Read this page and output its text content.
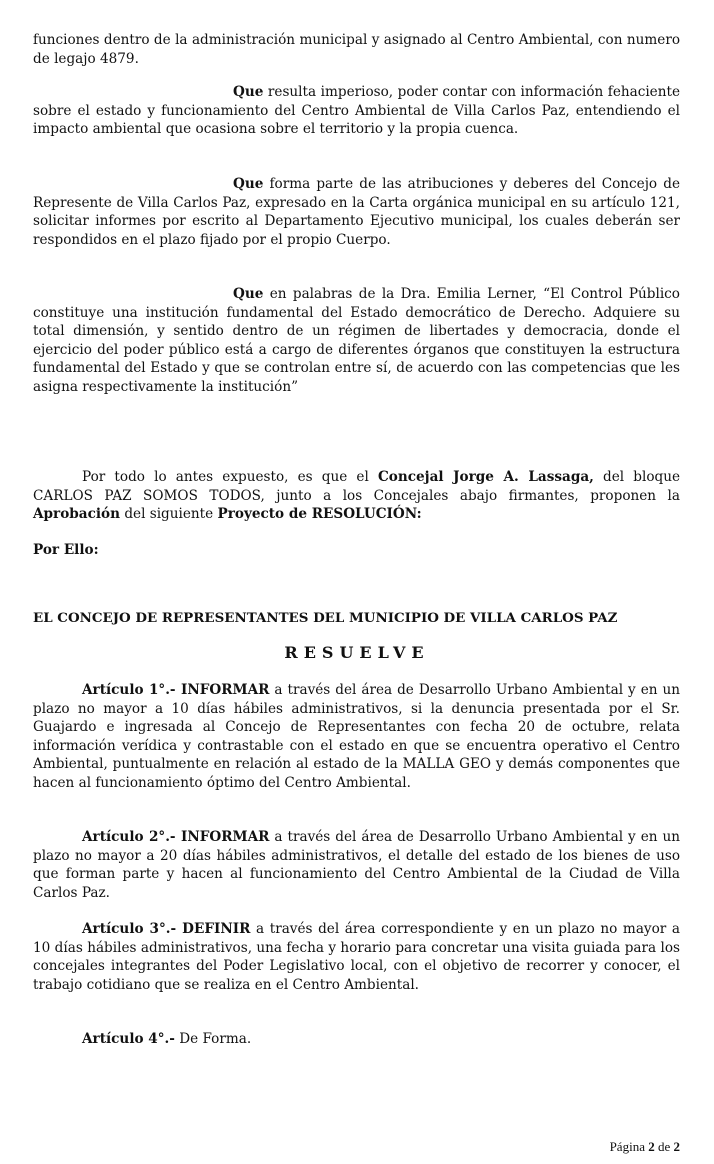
funciones dentro de la administración municipal y asignado al Centro Ambiental, con numero de legajo 4879.

Que resulta imperioso, poder contar con información fehaciente sobre el estado y funcionamiento del Centro Ambiental de Villa Carlos Paz, entendiendo el impacto ambiental que ocasiona sobre el territorio y la propia cuenca.

Que forma parte de las atribuciones y deberes del Concejo de Represente de Villa Carlos Paz, expresado en la Carta orgánica municipal en su artículo 121, solicitar informes por escrito al Departamento Ejecutivo municipal, los cuales deberán ser respondidos en el plazo fijado por el propio Cuerpo.

Que en palabras de la Dra. Emilia Lerner, “El Control Público constituye una institución fundamental del Estado democrático de Derecho. Adquiere su total dimensión, y sentido dentro de un régimen de libertades y democracia, donde el ejercicio del poder público está a cargo de diferentes órganos que constituyen la estructura fundamental del Estado y que se controlan entre sí, de acuerdo con las competencias que les asigna respectivamente la institución”

Por todo lo antes expuesto, es que el Concejal Jorge A. Lassaga, del bloque CARLOS PAZ SOMOS TODOS, junto a los Concejales abajo firmantes, proponen la Aprobación del siguiente Proyecto de RESOLUCIÓN:

Por Ello:

EL CONCEJO DE REPRESENTANTES DEL MUNICIPIO DE VILLA CARLOS PAZ
RESUELVE

Artículo 1°.- INFORMAR a través del área de Desarrollo Urbano Ambiental y en un plazo no mayor a 10 días hábiles administrativos, si la denuncia presentada por el Sr. Guajardo e ingresada al Concejo de Representantes con fecha 20 de octubre, relata información verídica y contrastable con el estado en que se encuentra operativo el Centro Ambiental, puntualmente en relación al estado de la MALLA GEO y demás componentes que hacen al funcionamiento óptimo del Centro Ambiental.

Artículo 2°.- INFORMAR a través del área de Desarrollo Urbano Ambiental y en un plazo no mayor a 20 días hábiles administrativos, el detalle del estado de los bienes de uso que forman parte y hacen al funcionamiento del Centro Ambiental de la Ciudad de Villa Carlos Paz.

Artículo 3°.- DEFINIR a través del área correspondiente y en un plazo no mayor a 10 días hábiles administrativos, una fecha y horario para concretar una visita guiada para los concejales integrantes del Poder Legislativo local, con el objetivo de recorrer y conocer, el trabajo cotidiano que se realiza en el Centro Ambiental.

Artículo 4°.- De Forma.

Página 2 de 2
